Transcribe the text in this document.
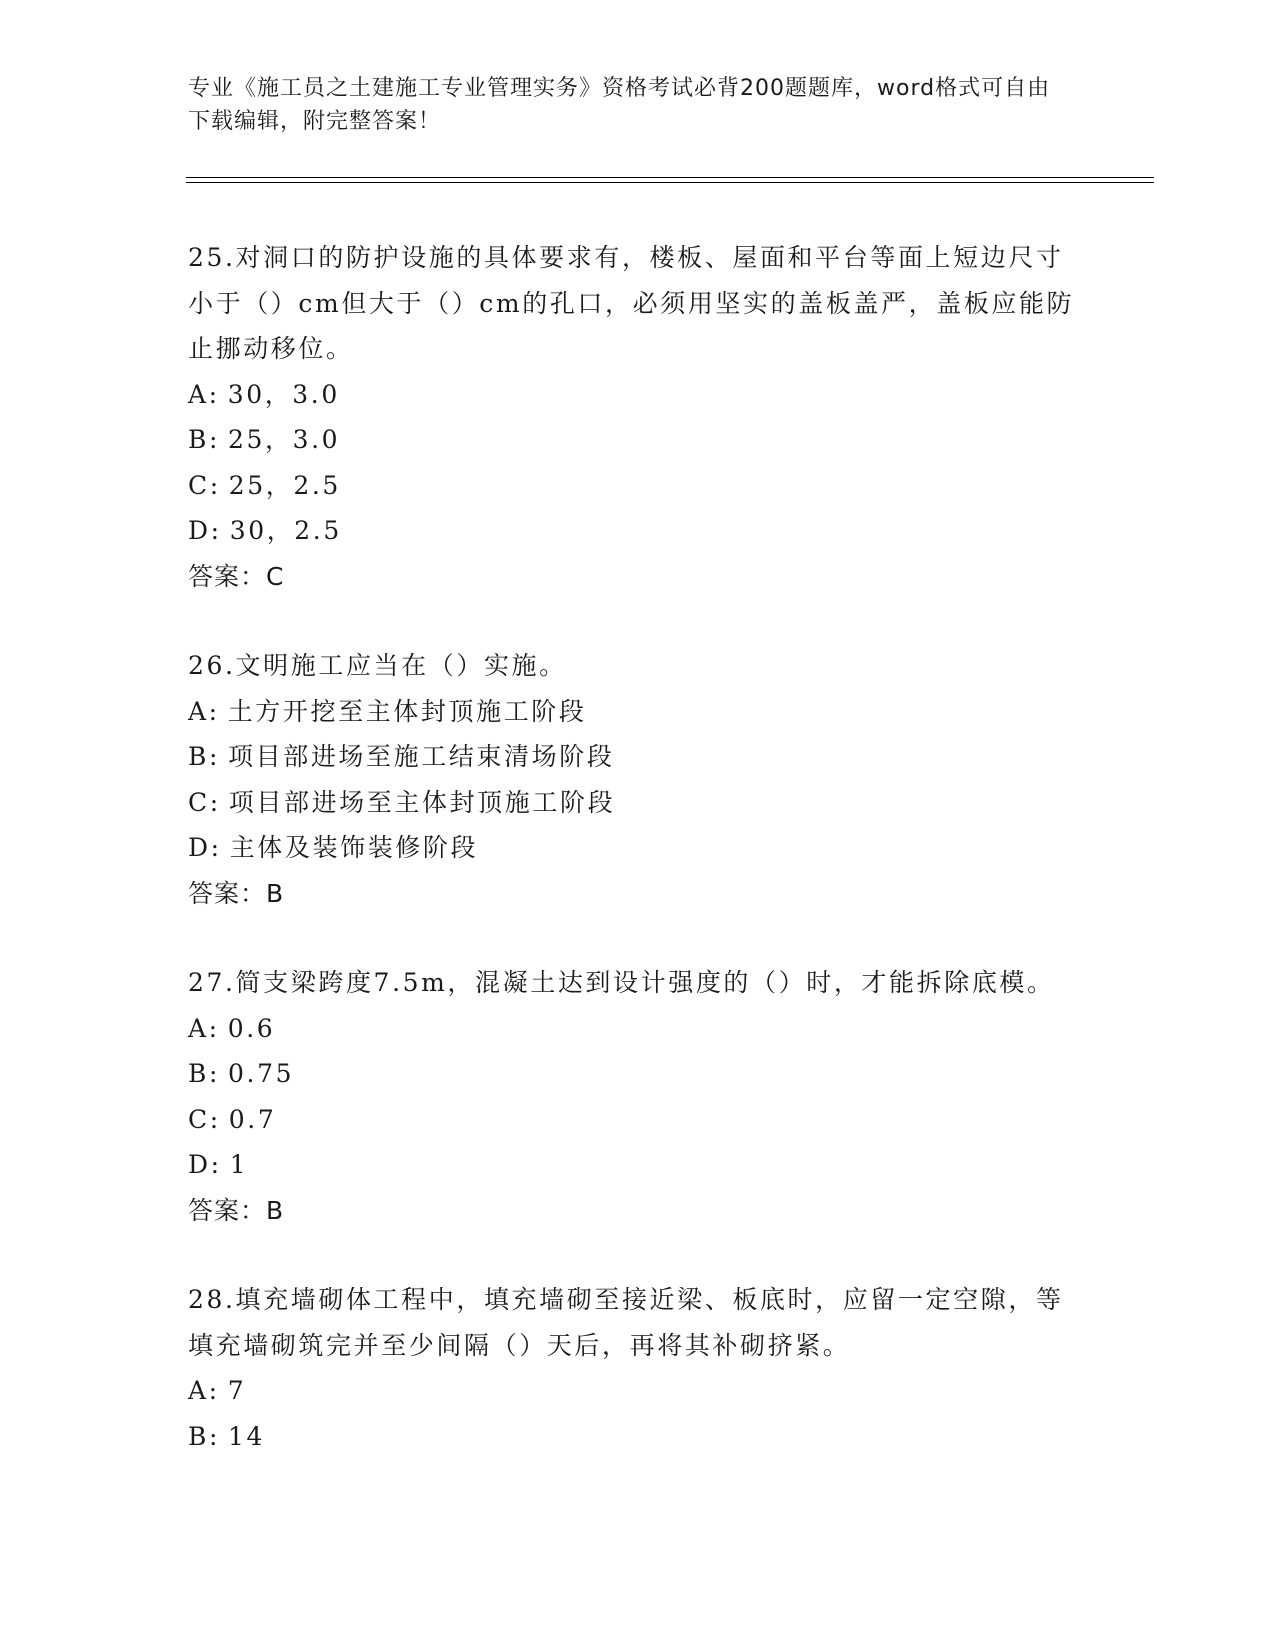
专业《施工员之土建施工专业管理实务》资格考试必背200题题库，word格式可自由下载编辑，附完整答案！
25.对洞口的防护设施的具体要求有，楼板、屋面和平台等面上短边尺寸小于（）cm但大于（）cm的孔口，必须用坚实的盖板盖严，盖板应能防止挪动移位。
A: 30，3.0
B: 25，3.0
C: 25，2.5
D: 30，2.5
答案：C
26.文明施工应当在（）实施。
A: 土方开挖至主体封顶施工阶段
B: 项目部进场至施工结束清场阶段
C: 项目部进场至主体封顶施工阶段
D: 主体及装饰装修阶段
答案：B
27.简支梁跨度7.5m，混凝土达到设计强度的（）时，才能拆除底模。
A: 0.6
B: 0.75
C: 0.7
D: 1
答案：B
28.填充墙砌体工程中，填充墙砌至接近梁、板底时，应留一定空隙，等填充墙砌筑完并至少间隔（）天后，再将其补砌挤紧。
A: 7
B: 14
